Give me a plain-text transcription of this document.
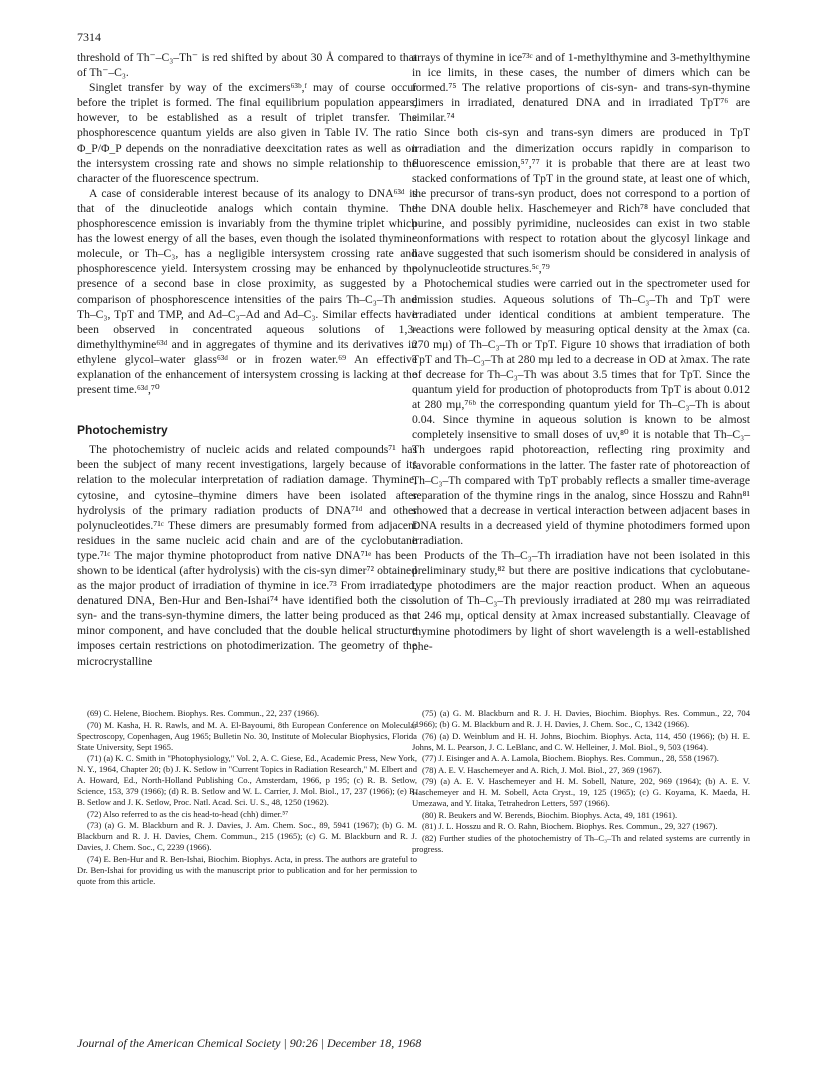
7314

threshold of Th⁻–C₃–Th⁻ is red shifted by about 30 Å compared to that of Th⁻–C₃.

Singlet transfer by way of the excimers⁶³ᵇ,ᶠ may of course occur before the triplet is formed. The final equilibrium population appears, however, to be established as a result of triplet transfer. The phosphorescence quantum yields are also given in Table IV. The ratio Φ_P/Φ_P depends on the nonradiative deexcitation rates as well as on the intersystem crossing rate and shows no simple relationship to the character of the fluorescence spectrum.

A case of considerable interest because of its analogy to DNA⁶³ᵈ is that of the dinucleotide analogs which contain thymine. The phosphorescence emission is invariably from the thymine triplet which has the lowest energy of all the bases, even though the isolated thymine molecule, or Th–C₃, has a negligible intersystem crossing rate and phosphorescence yield. Intersystem crossing may be enhanced by the presence of a second base in close proximity, as suggested by a comparison of phosphorescence intensities of the pairs Th–C₃–Th and Th–C₃, TpT and TMP, and Ad–C₃–Ad and Ad–C₃. Similar effects have been observed in concentrated aqueous solutions of 1,3-dimethylthymine⁶³ᵈ and in aggregates of thymine and its derivatives in ethylene glycol–water glass⁶³ᵈ or in frozen water.⁶⁹ An effective explanation of the enhancement of intersystem crossing is lacking at the present time.⁶³ᵈ,⁷⁰

Photochemistry

The photochemistry of nucleic acids and related compounds⁷¹ has been the subject of many recent investigations, largely because of its relation to the molecular interpretation of radiation damage. Thymine, cytosine, and cytosine–thymine dimers have been isolated after hydrolysis of the primary radiation products of DNA⁷¹ᵈ and other polynucleotides.⁷¹ᶜ These dimers are presumably formed from adjacent residues in the same nucleic acid chain and are of the cyclobutane type.⁷¹ᶜ The major thymine photoproduct from native DNA⁷¹ᵉ has been shown to be identical (after hydrolysis) with the cis-syn dimer⁷² obtained as the major product of irradiation of thymine in ice.⁷³ From irradiated, denatured DNA, Ben-Hur and Ben-Ishai⁷⁴ have identified both the cis-syn- and the trans-syn-thymine dimers, the latter being produced as the minor component, and have concluded that the double helical structure imposes certain restrictions on photodimerization. The geometry of the microcrystalline

arrays of thymine in ice⁷³ᶜ and of 1-methylthymine and 3-methylthymine in ice limits, in these cases, the number of dimers which can be formed.⁷⁵ The relative proportions of cis-syn- and trans-syn-thymine dimers in irradiated, denatured DNA and in irradiated TpT⁷⁶ are similar.⁷⁴

Since both cis-syn and trans-syn dimers are produced in TpT irradiation and the dimerization occurs rapidly in comparison to fluorescence emission,⁵⁷,⁷⁷ it is probable that there are at least two stacked conformations of TpT in the ground state, at least one of which, the precursor of trans-syn product, does not correspond to a portion of the DNA double helix. Haschemeyer and Rich⁷⁸ have concluded that purine, and possibly pyrimidine, nucleosides can exist in two stable conformations with respect to rotation about the glycosyl linkage and have suggested that such isomerism should be considered in analysis of polynucleotide structures.⁵ᶜ,⁷⁹

Photochemical studies were carried out in the spectrometer used for emission studies. Aqueous solutions of Th–C₃–Th and TpT were irradiated under identical conditions at ambient temperature. The reactions were followed by measuring optical density at the λmax (ca. 270 mμ) of Th–C₃–Th or TpT. Figure 10 shows that irradiation of both TpT and Th–C₃–Th at 280 mμ led to a decrease in OD at λmax. The rate of decrease for Th–C₃–Th was about 3.5 times that for TpT. Since the quantum yield for production of photoproducts from TpT is about 0.012 at 280 mμ,⁷⁶ᵇ the corresponding quantum yield for Th–C₃–Th is about 0.04. Since thymine in aqueous solution is known to be almost completely insensitive to small doses of uv,⁸⁰ it is notable that Th–C₃–Th undergoes rapid photoreaction, reflecting ring proximity and favorable conformations in the latter. The faster rate of photoreaction of Th–C₃–Th compared with TpT probably reflects a smaller time-average separation of the thymine rings in the analog, since Hosszu and Rahn⁸¹ showed that a decrease in vertical interaction between adjacent bases in DNA results in a decreased yield of thymine photodimers formed upon irradiation.

Products of the Th–C₃–Th irradiation have not been isolated in this preliminary study,⁸² but there are positive indications that cyclobutane-type photodimers are the major reaction product. When an aqueous solution of Th–C₃–Th previously irradiated at 280 mμ was reirradiated at 246 mμ, optical density at λmax increased substantially. Cleavage of thymine photodimers by light of short wavelength is a well-established phe-

(69) C. Helene, Biochem. Biophys. Res. Commun., 22, 237 (1966).

(70) M. Kasha, H. R. Rawls, and M. A. El-Bayoumi, 8th European Conference on Molecular Spectroscopy, Copenhagen, Aug 1965; Bulletin No. 30, Institute of Molecular Biophysics, Florida State University, Sept 1965.

(71) (a) K. C. Smith in "Photophysiology," Vol. 2, A. C. Giese, Ed., Academic Press, New York, N. Y., 1964, Chapter 20; (b) J. K. Setlow in "Current Topics in Radiation Research," M. Elbert and A. Howard, Ed., North-Holland Publishing Co., Amsterdam, 1966, p 195; (c) R. B. Setlow, Science, 153, 379 (1966); (d) R. B. Setlow and W. L. Carrier, J. Mol. Biol., 17, 237 (1966); (e) R. B. Setlow and J. K. Setlow, Proc. Natl. Acad. Sci. U. S., 48, 1250 (1962).

(72) Also referred to as the cis head-to-head (chh) dimer.⁵⁷

(73) (a) G. M. Blackburn and R. J. Davies, J. Am. Chem. Soc., 89, 5941 (1967); (b) G. M. Blackburn and R. J. H. Davies, Chem. Commun., 215 (1965); (c) G. M. Blackburn and R. J. Davies, J. Chem. Soc., C, 2239 (1966).

(74) E. Ben-Hur and R. Ben-Ishai, Biochim. Biophys. Acta, in press. The authors are grateful to Dr. Ben-Ishai for providing us with the manuscript prior to publication and for her permission to quote from this article.

(75) (a) G. M. Blackburn and R. J. H. Davies, Biochim. Biophys. Res. Commun., 22, 704 (1966); (b) G. M. Blackburn and R. J. H. Davies, J. Chem. Soc., C, 1342 (1966).

(76) (a) D. Weinblum and H. H. Johns, Biochim. Biophys. Acta, 114, 450 (1966); (b) H. E. Johns, M. L. Pearson, J. C. LeBlanc, and C. W. Helleiner, J. Mol. Biol., 9, 503 (1964).

(77) J. Eisinger and A. A. Lamola, Biochem. Biophys. Res. Commun., 28, 558 (1967).

(78) A. E. V. Haschemeyer and A. Rich, J. Mol. Biol., 27, 369 (1967).

(79) (a) A. E. V. Haschemeyer and H. M. Sobell, Nature, 202, 969 (1964); (b) A. E. V. Haschemeyer and H. M. Sobell, Acta Cryst., 19, 125 (1965); (c) G. Koyama, K. Maeda, H. Umezawa, and Y. Iitaka, Tetrahedron Letters, 597 (1966).

(80) R. Beukers and W. Berends, Biochim. Biophys. Acta, 49, 181 (1961).

(81) J. L. Hosszu and R. O. Rahn, Biochem. Biophys. Res. Commun., 29, 327 (1967).

(82) Further studies of the photochemistry of Th–C₃–Th and related systems are currently in progress.

Journal of the American Chemical Society | 90:26 | December 18, 1968
